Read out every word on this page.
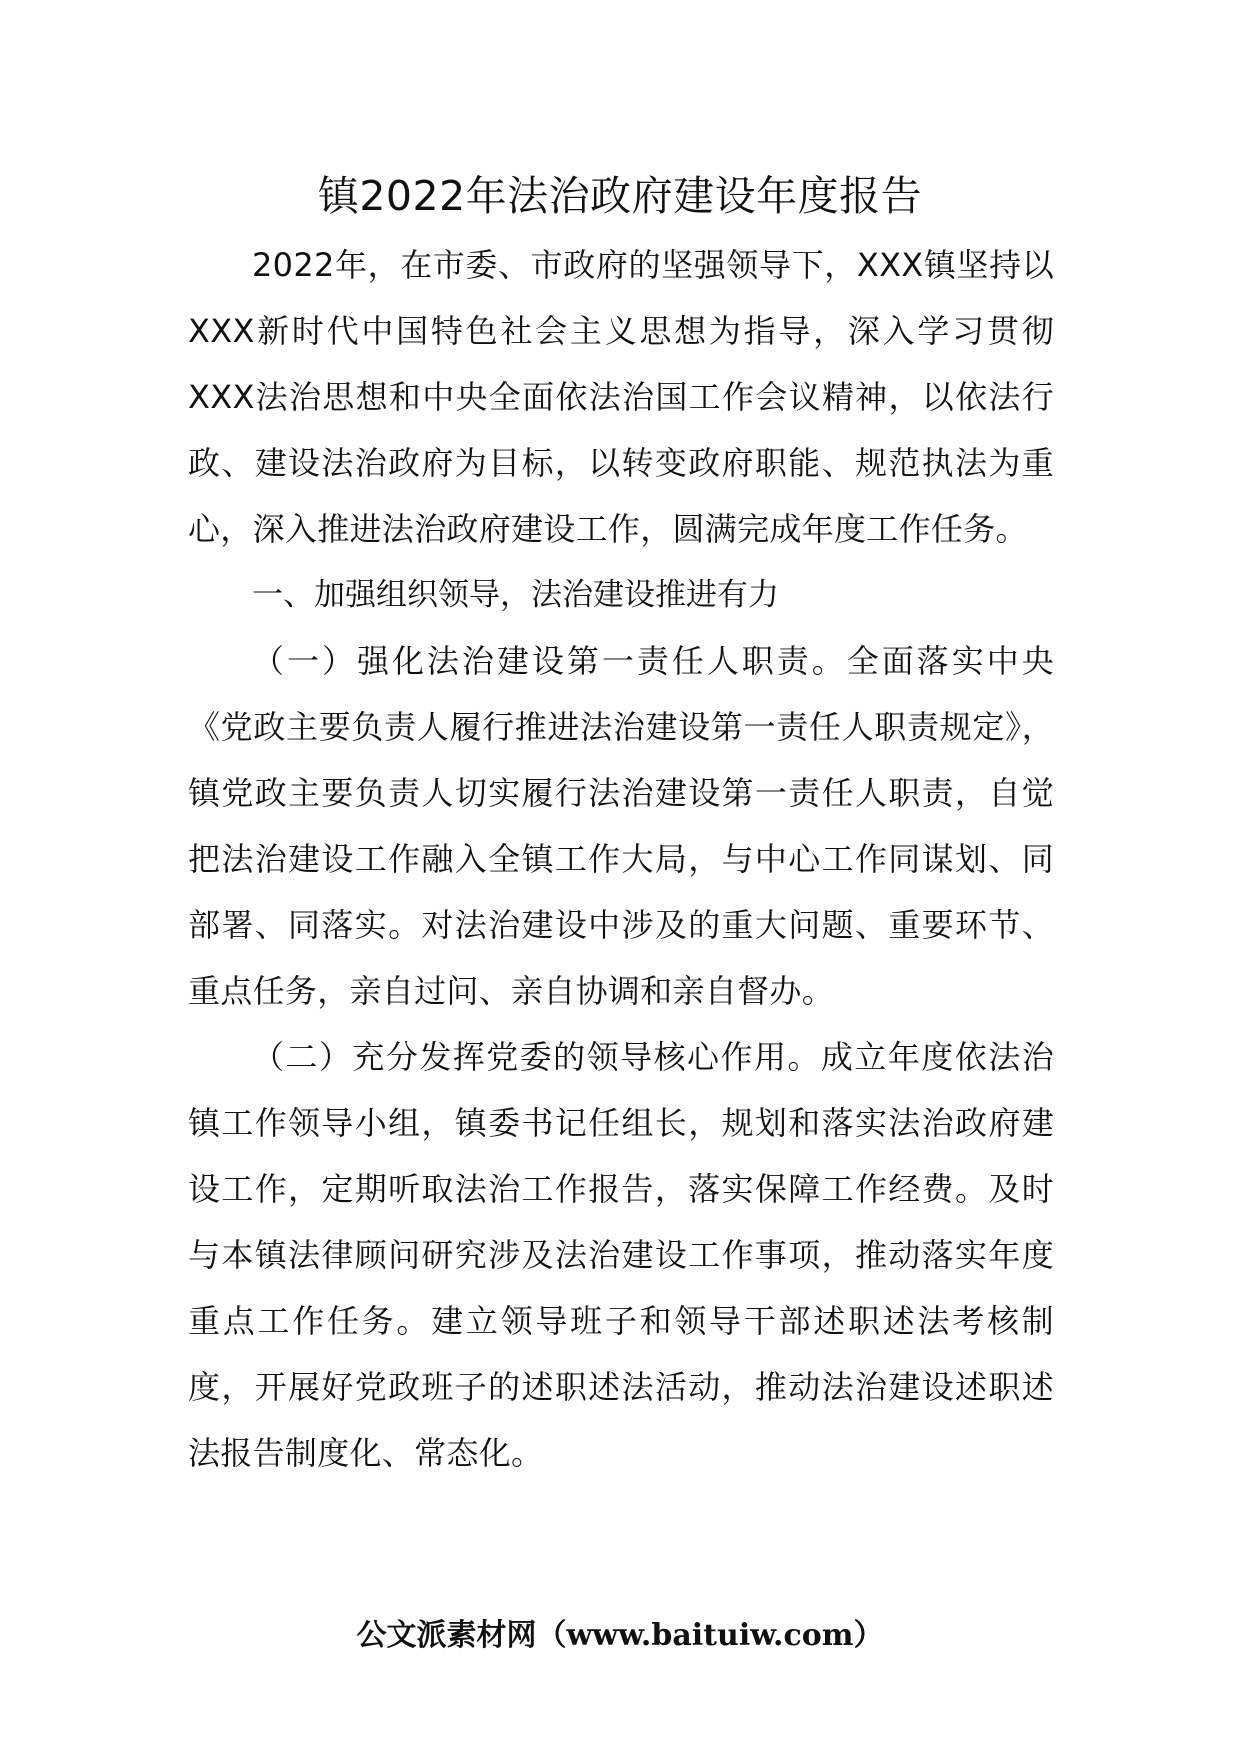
镇2022年法治政府建设年度报告

2022年，在市委、市政府的坚强领导下，XXX镇坚持以XXX新时代中国特色社会主义思想为指导，深入学习贯彻XXX法治思想和中央全面依法治国工作会议精神，以依法行政、建设法治政府为目标，以转变政府职能、规范执法为重心，深入推进法治政府建设工作，圆满完成年度工作任务。

一、加强组织领导，法治建设推进有力

（一）强化法治建设第一责任人职责。全面落实中央《党政主要负责人履行推进法治建设第一责任人职责规定》，镇党政主要负责人切实履行法治建设第一责任人职责，自觉把法治建设工作融入全镇工作大局，与中心工作同谋划、同部署、同落实。对法治建设中涉及的重大问题、重要环节、重点任务，亲自过问、亲自协调和亲自督办。

（二）充分发挥党委的领导核心作用。成立年度依法治镇工作领导小组，镇委书记任组长，规划和落实法治政府建设工作，定期听取法治工作报告，落实保障工作经费。及时与本镇法律顾问研究涉及法治建设工作事项，推动落实年度重点工作任务。建立领导班子和领导干部述职述法考核制度，开展好党政班子的述职述法活动，推动法治建设述职述法报告制度化、常态化。

公文派素材网（www.baituiw.com）
